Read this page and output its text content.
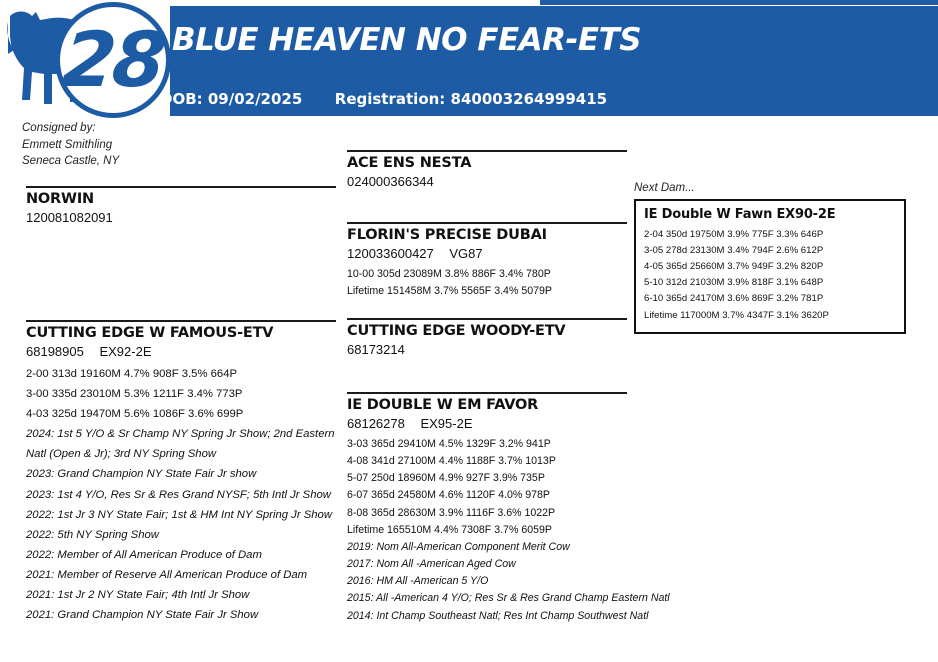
28 BLUE HEAVEN NO FEAR-ETS
DOB: 09/02/2025 Registration: 840003264999415
Consigned by:
Emmett Smithling
Seneca Castle, NY
NORWIN
120081082091
CUTTING EDGE W FAMOUS-ETV
68198905 EX92-2E
2-00 313d 19160M 4.7% 908F 3.5% 664P
3-00 335d 23010M 5.3% 1211F 3.4% 773P
4-03 325d 19470M 5.6% 1086F 3.6% 699P
2024: 1st 5 Y/O & Sr Champ NY Spring Jr Show; 2nd Eastern
Natl (Open & Jr); 3rd NY Spring Show
2023: Grand Champion NY State Fair Jr show
2023: 1st 4 Y/O, Res Sr & Res Grand NYSF; 5th Intl Jr Show
2022: 1st Jr 3 NY State Fair; 1st & HM Int NY Spring Jr Show
2022: 5th NY Spring Show
2022: Member of All American Produce of Dam
2021: Member of Reserve All American Produce of Dam
2021: 1st Jr 2 NY State Fair; 4th Intl Jr Show
2021: Grand Champion NY State Fair Jr Show
ACE ENS NESTA
024000366344
FLORIN'S PRECISE DUBAI
120033600427 VG87
10-00 305d 23089M 3.8% 886F 3.4% 780P
Lifetime 151458M 3.7% 5565F 3.4% 5079P
CUTTING EDGE WOODY-ETV
68173214
IE DOUBLE W EM FAVOR
68126278 EX95-2E
3-03 365d 29410M 4.5% 1329F 3.2% 941P
4-08 341d 27100M 4.4% 1188F 3.7% 1013P
5-07 250d 18960M 4.9% 927F 3.9% 735P
6-07 365d 24580M 4.6% 1120F 4.0% 978P
8-08 365d 28630M 3.9% 1116F 3.6% 1022P
Lifetime 165510M 4.4% 7308F 3.7% 6059P
2019: Nom All-American Component Merit Cow
2017: Nom All -American Aged Cow
2016: HM All -American 5 Y/O
2015: All -American 4 Y/O; Res Sr & Res Grand Champ Eastern Natl
2014: Int Champ Southeast Natl; Res Int Champ Southwest Natl
Next Dam...
IE Double W Fawn EX90-2E
2-04 350d 19750M 3.9% 775F 3.3% 646P
3-05 278d 23130M 3.4% 794F 2.6% 612P
4-05 365d 25660M 3.7% 949F 3.2% 820P
5-10 312d 21030M 3.9% 818F 3.1% 648P
6-10 365d 24170M 3.6% 869F 3.2% 781P
Lifetime 117000M 3.7% 4347F 3.1% 3620P
